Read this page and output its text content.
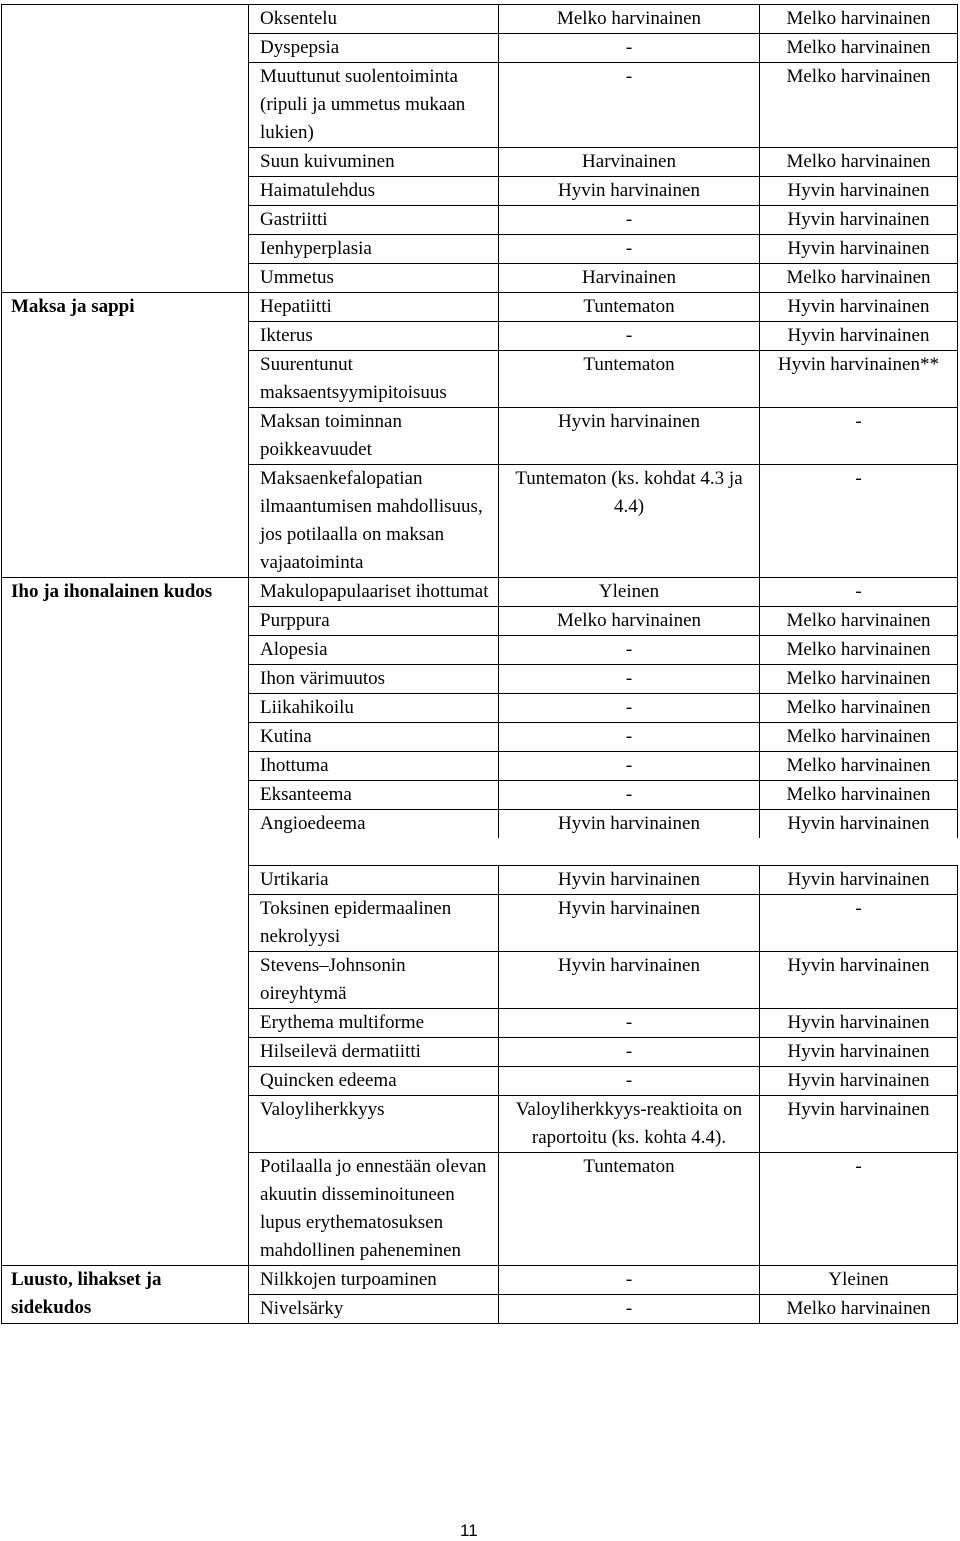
	Oksentelu	Melko harvinainen	Melko harvinainen
	Dyspepsia	-	Melko harvinainen
	Muuttunut suolentoiminta (ripuli ja ummetus mukaan lukien)	-	Melko harvinainen
	Suun kuivuminen	Harvinainen	Melko harvinainen
	Haimatulehdus	Hyvin harvinainen	Hyvin harvinainen
	Gastriitti	-	Hyvin harvinainen
	Ienhyperplasia	-	Hyvin harvinainen
	Ummetus	Harvinainen	Melko harvinainen
Maksa ja sappi	Hepatiitti	Tuntematon	Hyvin harvinainen
	Ikterus	-	Hyvin harvinainen
	Suurentunut maksaentsyymipitoisuus	Tuntematon	Hyvin harvinainen**
	Maksan toiminnan poikkeavuudet	Hyvin harvinainen	-
	Maksaenkefalopatian ilmaantumisen mahdollisuus, jos potilaalla on maksan vajaatoiminta	Tuntematon (ks. kohdat 4.3 ja 4.4)	-
Iho ja ihonalainen kudos	Makulopapulaariset ihottumat	Yleinen	-
	Purppura	Melko harvinainen	Melko harvinainen
	Alopesia	-	Melko harvinainen
	Ihon värimuutos	-	Melko harvinainen
	Liikahikoilu	-	Melko harvinainen
	Kutina	-	Melko harvinainen
	Ihottuma	-	Melko harvinainen
	Eksanteema	-	Melko harvinainen
	Angioedeema	Hyvin harvinainen	Hyvin harvinainen

	Urtikaria	Hyvin harvinainen	Hyvin harvinainen
	Toksinen epidermaalinen nekrolyysi	Hyvin harvinainen	-
	Stevens–Johnsonin oireyhtymä	Hyvin harvinainen	Hyvin harvinainen
	Erythema multiforme	-	Hyvin harvinainen
	Hilseilevä dermatiitti	-	Hyvin harvinainen
	Quincken edeema	-	Hyvin harvinainen
	Valoyliherkkyys	Valoyliherkkyys-reaktioita on raportoitu (ks. kohta 4.4).	Hyvin harvinainen
	Potilaalla jo ennestään olevan akuutin disseminoituneen lupus erythematosuksen mahdollinen paheneminen	Tuntematon	-
Luusto, lihakset ja sidekudos	Nilkkojen turpoaminen	-	Yleinen
	Nivelsärky	-	Melko harvinainen
11
